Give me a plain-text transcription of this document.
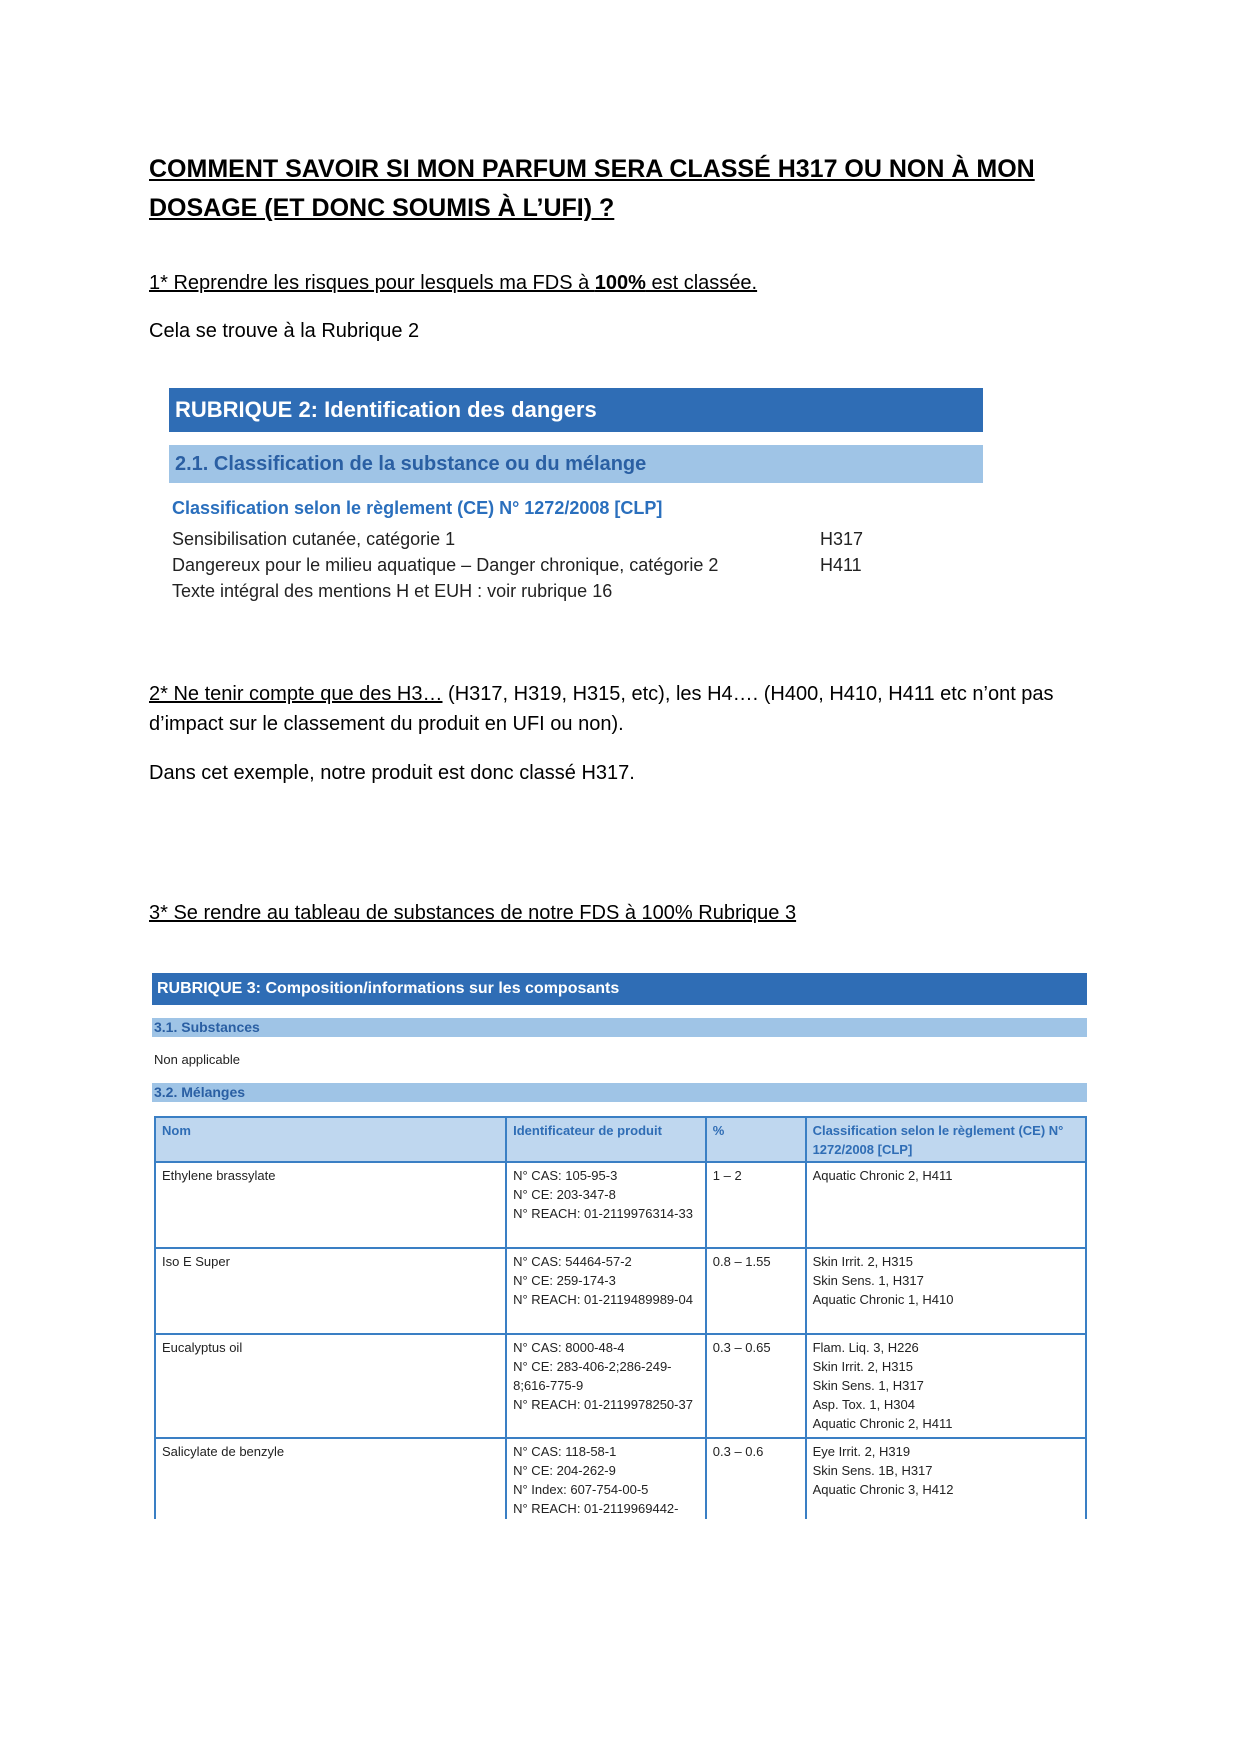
COMMENT SAVOIR SI MON PARFUM SERA CLASSÉ H317 OU NON À MON DOSAGE (ET DONC SOUMIS À L’UFI) ?
1* Reprendre les risques pour lesquels ma FDS à 100% est classée.
Cela se trouve à la Rubrique 2
RUBRIQUE 2: Identification des dangers
2.1. Classification de la substance ou du mélange
Classification selon le règlement (CE) N° 1272/2008 [CLP]
Sensibilisation cutanée, catégorie 1	H317
Dangereux pour le milieu aquatique – Danger chronique, catégorie 2	H411
Texte intégral des mentions H et EUH : voir rubrique 16
2* Ne tenir compte que des H3… (H317, H319, H315, etc), les H4…. (H400, H410, H411 etc n’ont pas d’impact sur le classement du produit en UFI ou non).
Dans cet exemple, notre produit est donc classé H317.
3* Se rendre au tableau de substances de notre FDS à 100% Rubrique 3
RUBRIQUE 3: Composition/informations sur les composants
3.1. Substances
Non applicable
3.2. Mélanges
Nom	Identificateur de produit	%	Classification selon le règlement (CE) N° 1272/2008 [CLP]
Ethylene brassylate	N° CAS: 105-95-3
N° CE: 203-347-8
N° REACH: 01-2119976314-33	1 – 2	Aquatic Chronic 2, H411
Iso E Super	N° CAS: 54464-57-2
N° CE: 259-174-3
N° REACH: 01-2119489989-04	0.8 – 1.55	Skin Irrit. 2, H315
Skin Sens. 1, H317
Aquatic Chronic 1, H410
Eucalyptus oil	N° CAS: 8000-48-4
N° CE: 283-406-2;286-249-8;616-775-9
N° REACH: 01-2119978250-37	0.3 – 0.65	Flam. Liq. 3, H226
Skin Irrit. 2, H315
Skin Sens. 1, H317
Asp. Tox. 1, H304
Aquatic Chronic 2, H411
Salicylate de benzyle	N° CAS: 118-58-1
N° CE: 204-262-9
N° Index: 607-754-00-5
N° REACH: 01-2119969442-	0.3 – 0.6	Eye Irrit. 2, H319
Skin Sens. 1B, H317
Aquatic Chronic 3, H412
